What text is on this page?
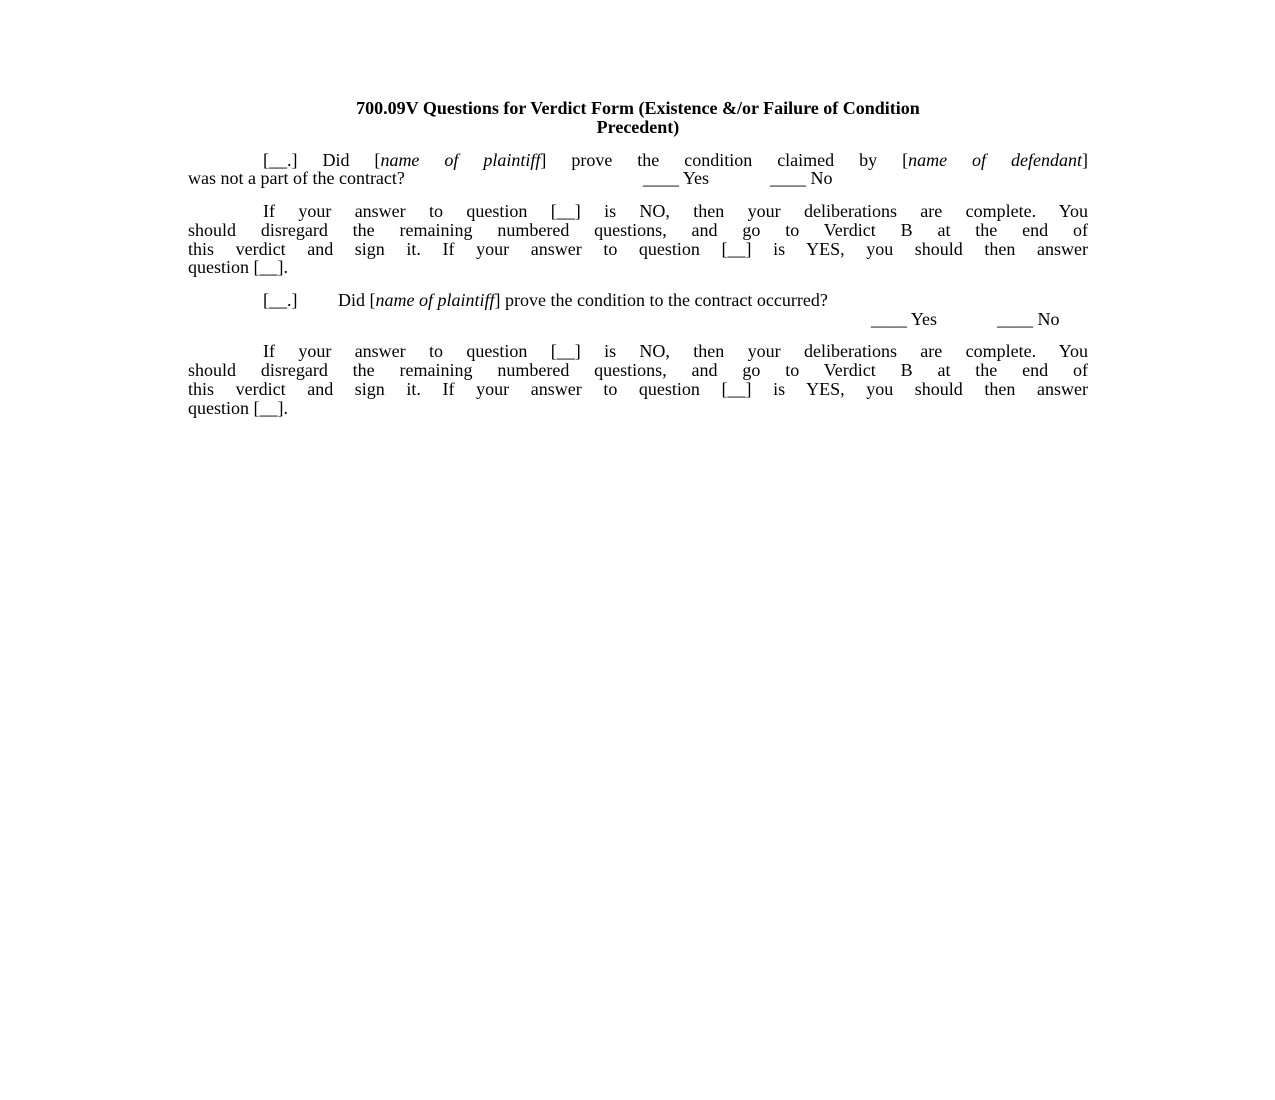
700.09V Questions for Verdict Form (Existence &/or Failure of Condition
Precedent)
[__.] Did [name of plaintiff] prove the condition claimed by [name of defendant]
was not a part of the contract?	____ Yes	____ No
If your answer to question [__] is NO, then your deliberations are complete. You
should disregard the remaining numbered questions, and go to Verdict B at the end of
this verdict and sign it. If your answer to question [__] is YES, you should then answer
question [__].
[__.] Did [name of plaintiff] prove the condition to the contract occurred?
____ Yes	____ No
If your answer to question [__] is NO, then your deliberations are complete. You
should disregard the remaining numbered questions, and go to Verdict B at the end of
this verdict and sign it. If your answer to question [__] is YES, you should then answer
question [__].
